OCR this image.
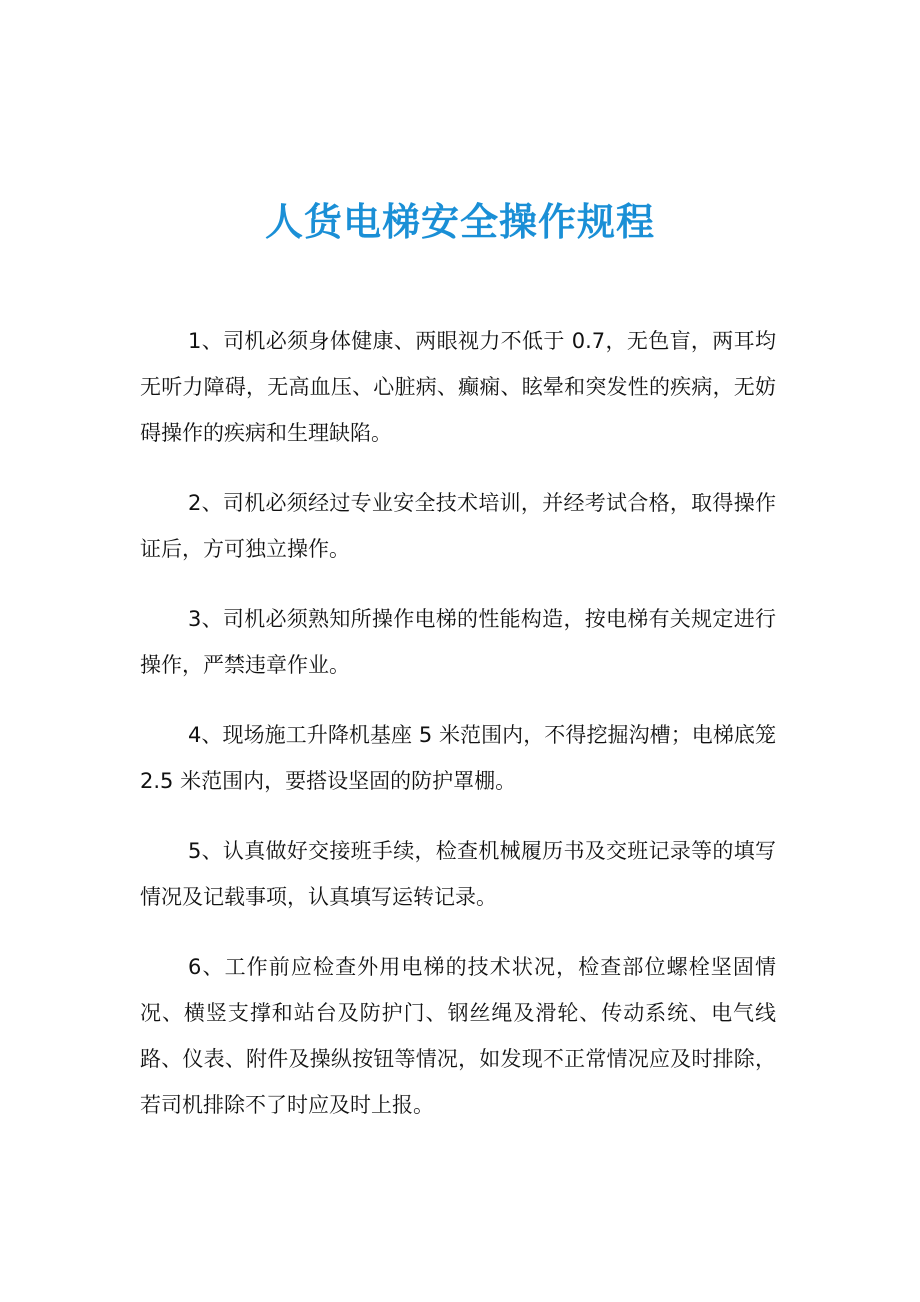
人货电梯安全操作规程

1、司机必须身体健康、两眼视力不低于 0.7，无色盲，两耳均无听力障碍，无高血压、心脏病、癫痫、眩晕和突发性的疾病，无妨碍操作的疾病和生理缺陷。

2、司机必须经过专业安全技术培训，并经考试合格，取得操作证后，方可独立操作。

3、司机必须熟知所操作电梯的性能构造，按电梯有关规定进行操作，严禁违章作业。

4、现场施工升降机基座 5 米范围内，不得挖掘沟槽；电梯底笼 2.5 米范围内，要搭设坚固的防护罩棚。

5、认真做好交接班手续，检查机械履历书及交班记录等的填写情况及记载事项，认真填写运转记录。

6、工作前应检查外用电梯的技术状况，检查部位螺栓坚固情况、横竖支撑和站台及防护门、钢丝绳及滑轮、传动系统、电气线路、仪表、附件及操纵按钮等情况，如发现不正常情况应及时排除，若司机排除不了时应及时上报。
